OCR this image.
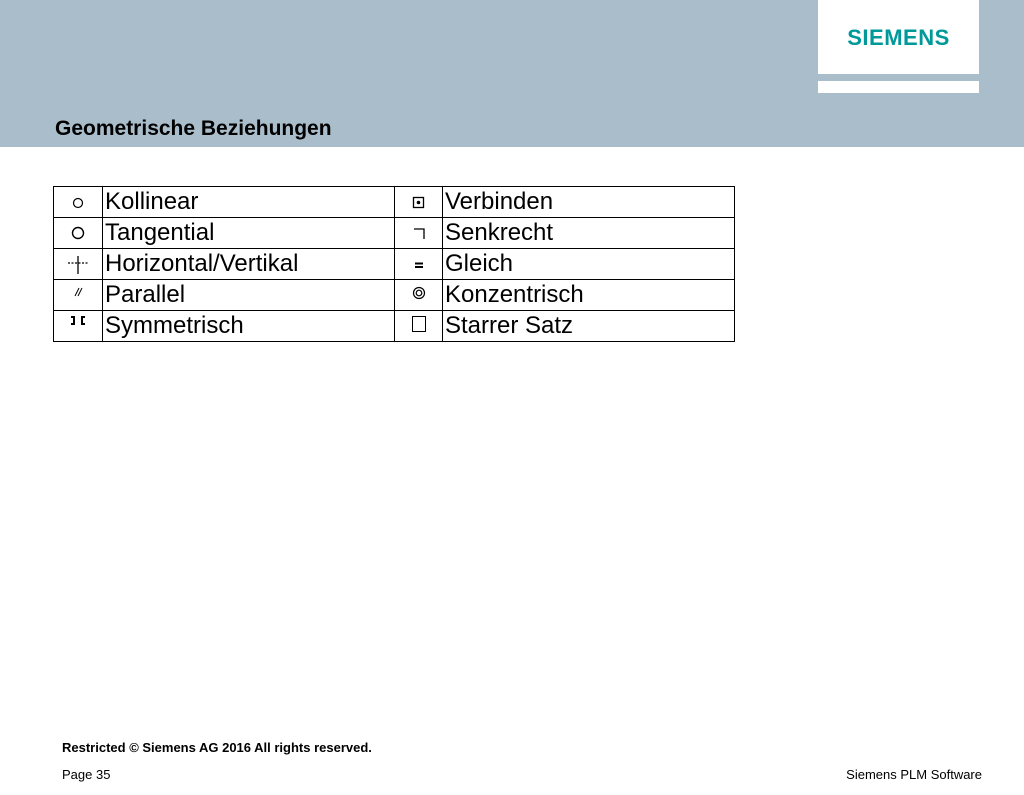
SIEMENS
Geometrische Beziehungen
	Kollinear		Verbinden
	Tangential		Senkrecht
	Horizontal/Vertikal		Gleich
	Parallel		Konzentrisch
	Symmetrisch		Starrer Satz
Restricted © Siemens AG 2016 All rights reserved.
Page 35	Siemens PLM Software
